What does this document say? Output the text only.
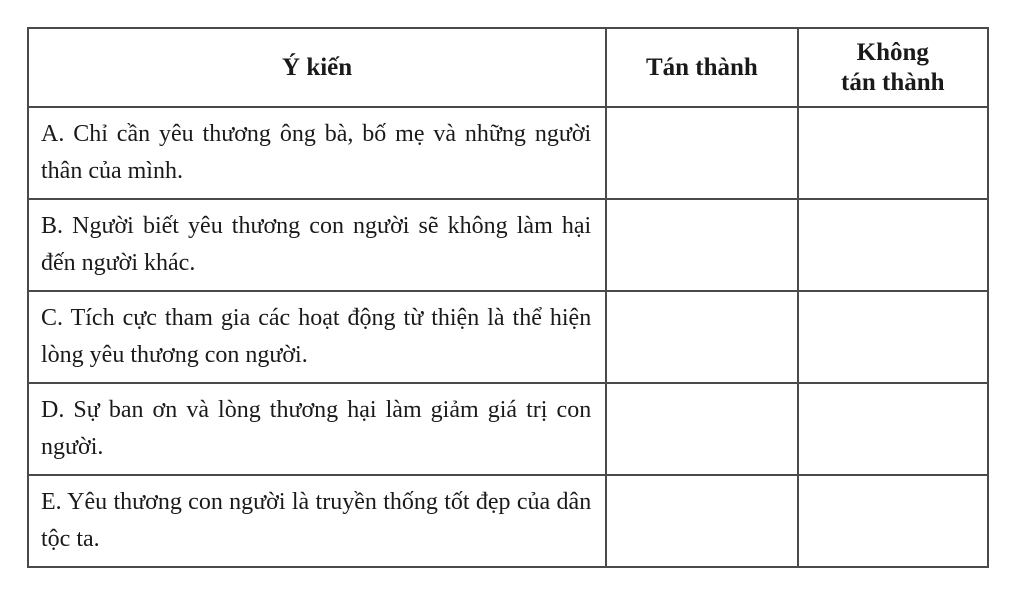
Ý kiến	Tán thành	Không
tán thành

A. Chỉ cần yêu thương ông bà, bố mẹ và những người thân của mình.		

B. Người biết yêu thương con người sẽ không làm hại đến người khác.		

C. Tích cực tham gia các hoạt động từ thiện là thể hiện lòng yêu thương con người.		

D. Sự ban ơn và lòng thương hại làm giảm giá trị con người.		

E. Yêu thương con người là truyền thống tốt đẹp của dân tộc ta.		
